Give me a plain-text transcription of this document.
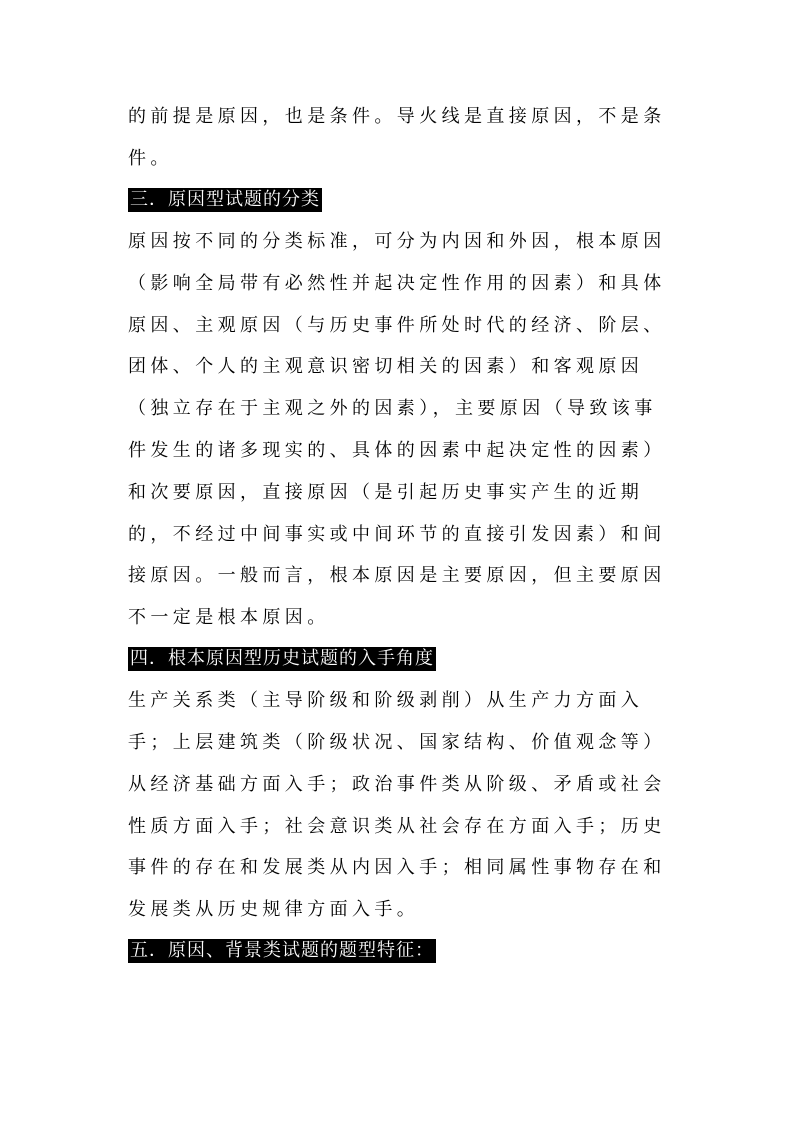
的前提是原因，也是条件。导火线是直接原因，不是条
件。
三．原因型试题的分类
原因按不同的分类标准，可分为内因和外因，根本原因
（影响全局带有必然性并起决定性作用的因素）和具体
原因、主观原因（与历史事件所处时代的经济、阶层、
团体、个人的主观意识密切相关的因素）和客观原因
（独立存在于主观之外的因素），主要原因（导致该事
件发生的诸多现实的、具体的因素中起决定性的因素）
和次要原因，直接原因（是引起历史事实产生的近期
的，不经过中间事实或中间环节的直接引发因素）和间
接原因。一般而言，根本原因是主要原因，但主要原因
不一定是根本原因。
四．根本原因型历史试题的入手角度
生产关系类（主导阶级和阶级剥削）从生产力方面入
手；上层建筑类（阶级状况、国家结构、价值观念等）
从经济基础方面入手；政治事件类从阶级、矛盾或社会
性质方面入手；社会意识类从社会存在方面入手；历史
事件的存在和发展类从内因入手；相同属性事物存在和
发展类从历史规律方面入手。
五．原因、背景类试题的题型特征：
